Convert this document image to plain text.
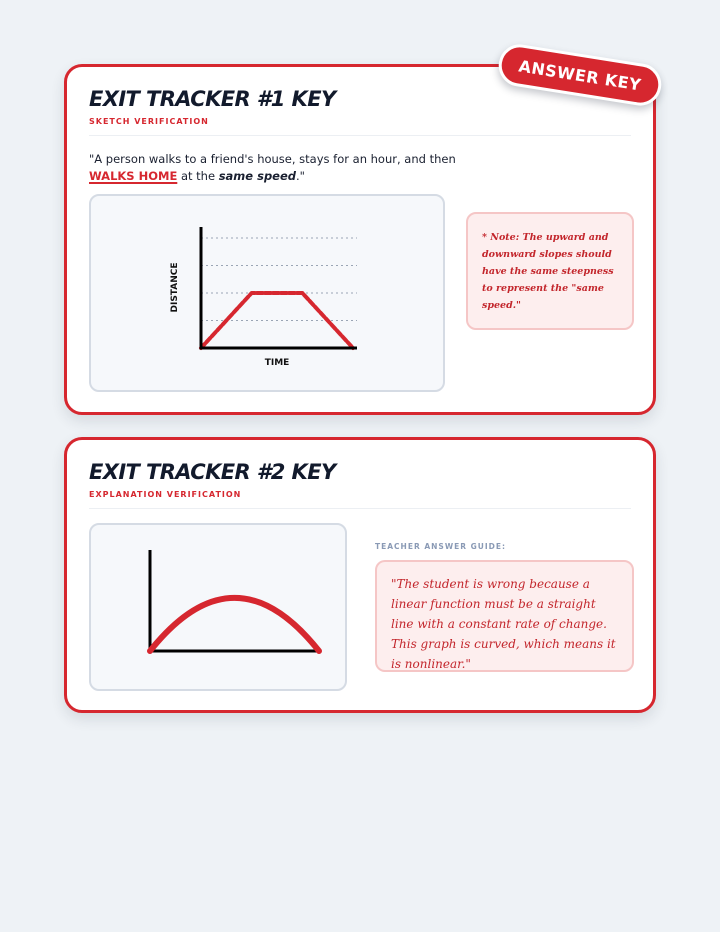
ANSWER KEY
EXIT TRACKER #1 KEY
SKETCH VERIFICATION

"A person walks to a friend's house, stays for an hour, and then WALKS HOME at the same speed."

TIME
DISTANCE
* Note: The upward and downward slopes should have the same steepness to represent the "same speed."
EXIT TRACKER #2 KEY
EXPLANATION VERIFICATION
TEACHER ANSWER GUIDE:
"The student is wrong because a linear function must be a straight line with a constant rate of change. This graph is curved, which means it is nonlinear."
